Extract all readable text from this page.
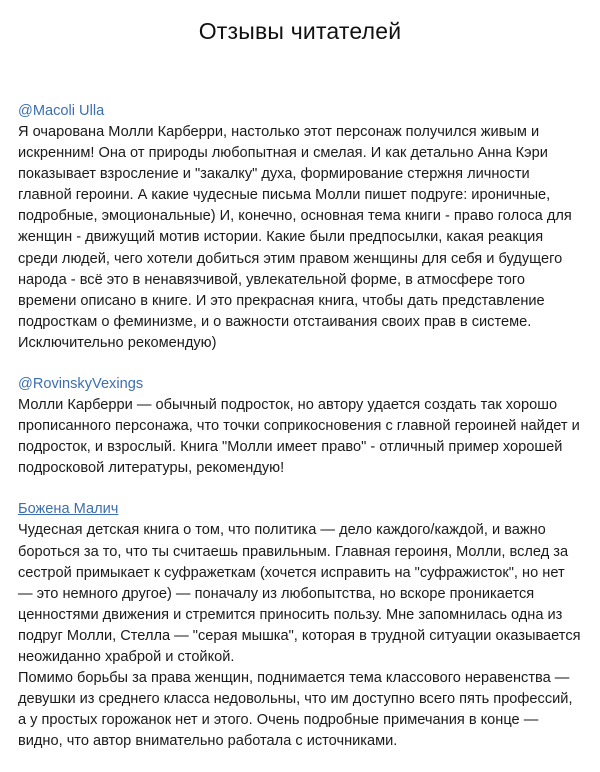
Отзывы читателей
@Macoli Ulla

Я очарована Молли Карберри, настолько этот персонаж получился живым и
искренним! Она от природы любопытная и смелая. И как детально Анна Кэри
показывает взросление и "закалку" духа, формирование стержня личности
главной героини. А какие чудесные письма Молли пишет подруге: ироничные,
подробные, эмоциональные) И, конечно, основная тема книги - право голоса для
женщин - движущий мотив истории. Какие были предпосылки, какая реакция
среди людей, чего хотели добиться этим правом женщины для себя и будущего
народа - всё это в ненавязчивой, увлекательной форме, в атмосфере того
времени описано в книге. И это прекрасная книга, чтобы дать представление
подросткам о феминизме, и о важности отстаивания своих прав в системе.
Исключительно рекомендую)

@RovinskyVexings

Молли Карберри — обычный подросток, но автору удается создать так хорошо
прописанного персонажа, что точки соприкосновения с главной героиней найдет и
подросток, и взрослый. Книга "Молли имеет право" - отличный пример хорошей
подросковой литературы, рекомендую!

Божена Малич

Чудесная детская книга о том, что политика — дело каждого/каждой, и важно
бороться за то, что ты считаешь правильным. Главная героиня, Молли, вслед за
сестрой примыкает к суфражеткам (хочется исправить на "суфражисток", но нет
— это немного другое) — поначалу из любопытства, но вскоре проникается
ценностями движения и стремится приносить пользу. Мне запомнилась одна из
подруг Молли, Стелла — "серая мышка", которая в трудной ситуации оказывается
неожиданно храброй и стойкой.
Помимо борьбы за права женщин, поднимается тема классового неравенства —
девушки из среднего класса недовольны, что им доступно всего пять профессий,
а у простых горожанок нет и этого. Очень подробные примечания в конце —
видно, что автор внимательно работала с источниками.
